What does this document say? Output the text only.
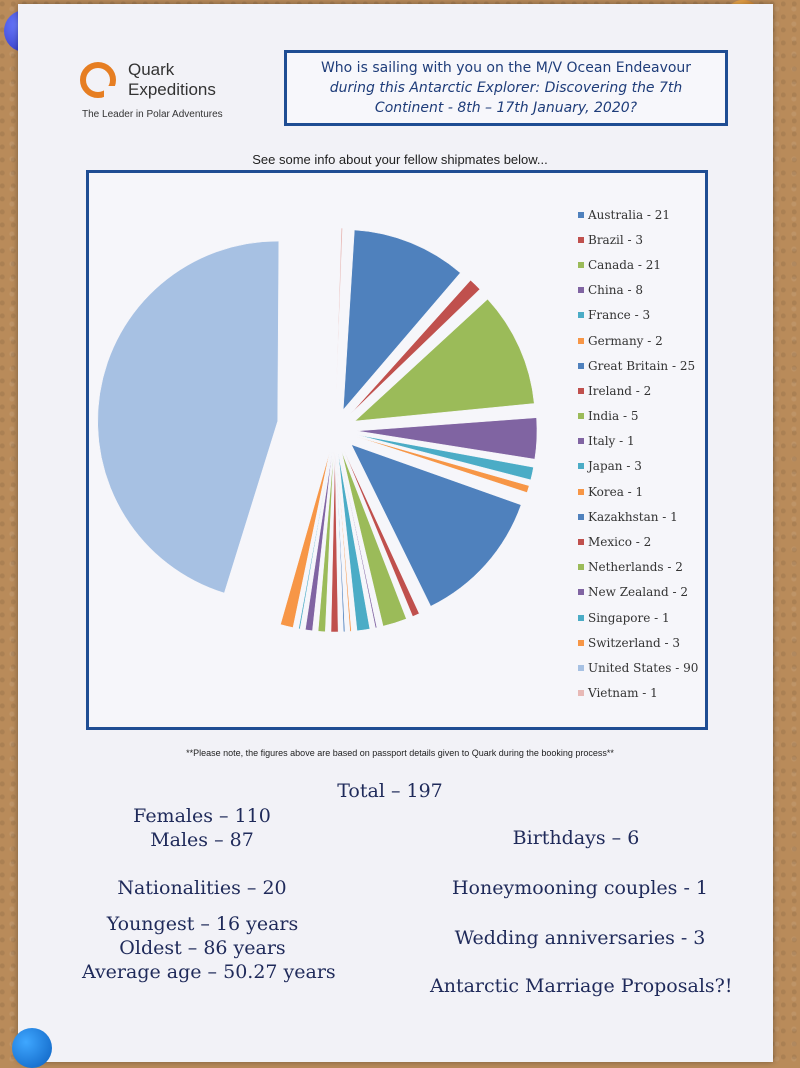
Quark
Expeditions
The Leader in Polar Adventures
Who is sailing with you on the M/V Ocean Endeavour
during this Antarctic Explorer: Discovering the 7th
Continent - 8th – 17th January, 2020?
See some info about your fellow shipmates below...
Australia - 21
Brazil - 3
Canada - 21
China - 8
France - 3
Germany - 2
Great Britain - 25
Ireland - 2
India - 5
Italy - 1
Japan - 3
Korea - 1
Kazakhstan - 1
Mexico - 2
Netherlands - 2
New Zealand - 2
Singapore - 1
Switzerland - 3
United States - 90
Vietnam - 1
**Please note, the figures above are based on passport details given to Quark during the booking process**
Total – 197
Females – 110
Males – 87	Birthdays – 6
Nationalities – 20	Honeymooning couples - 1
Youngest – 16 years
Oldest – 86 years
Average age – 50.27 years
Wedding anniversaries - 3
Antarctic Marriage Proposals?!
